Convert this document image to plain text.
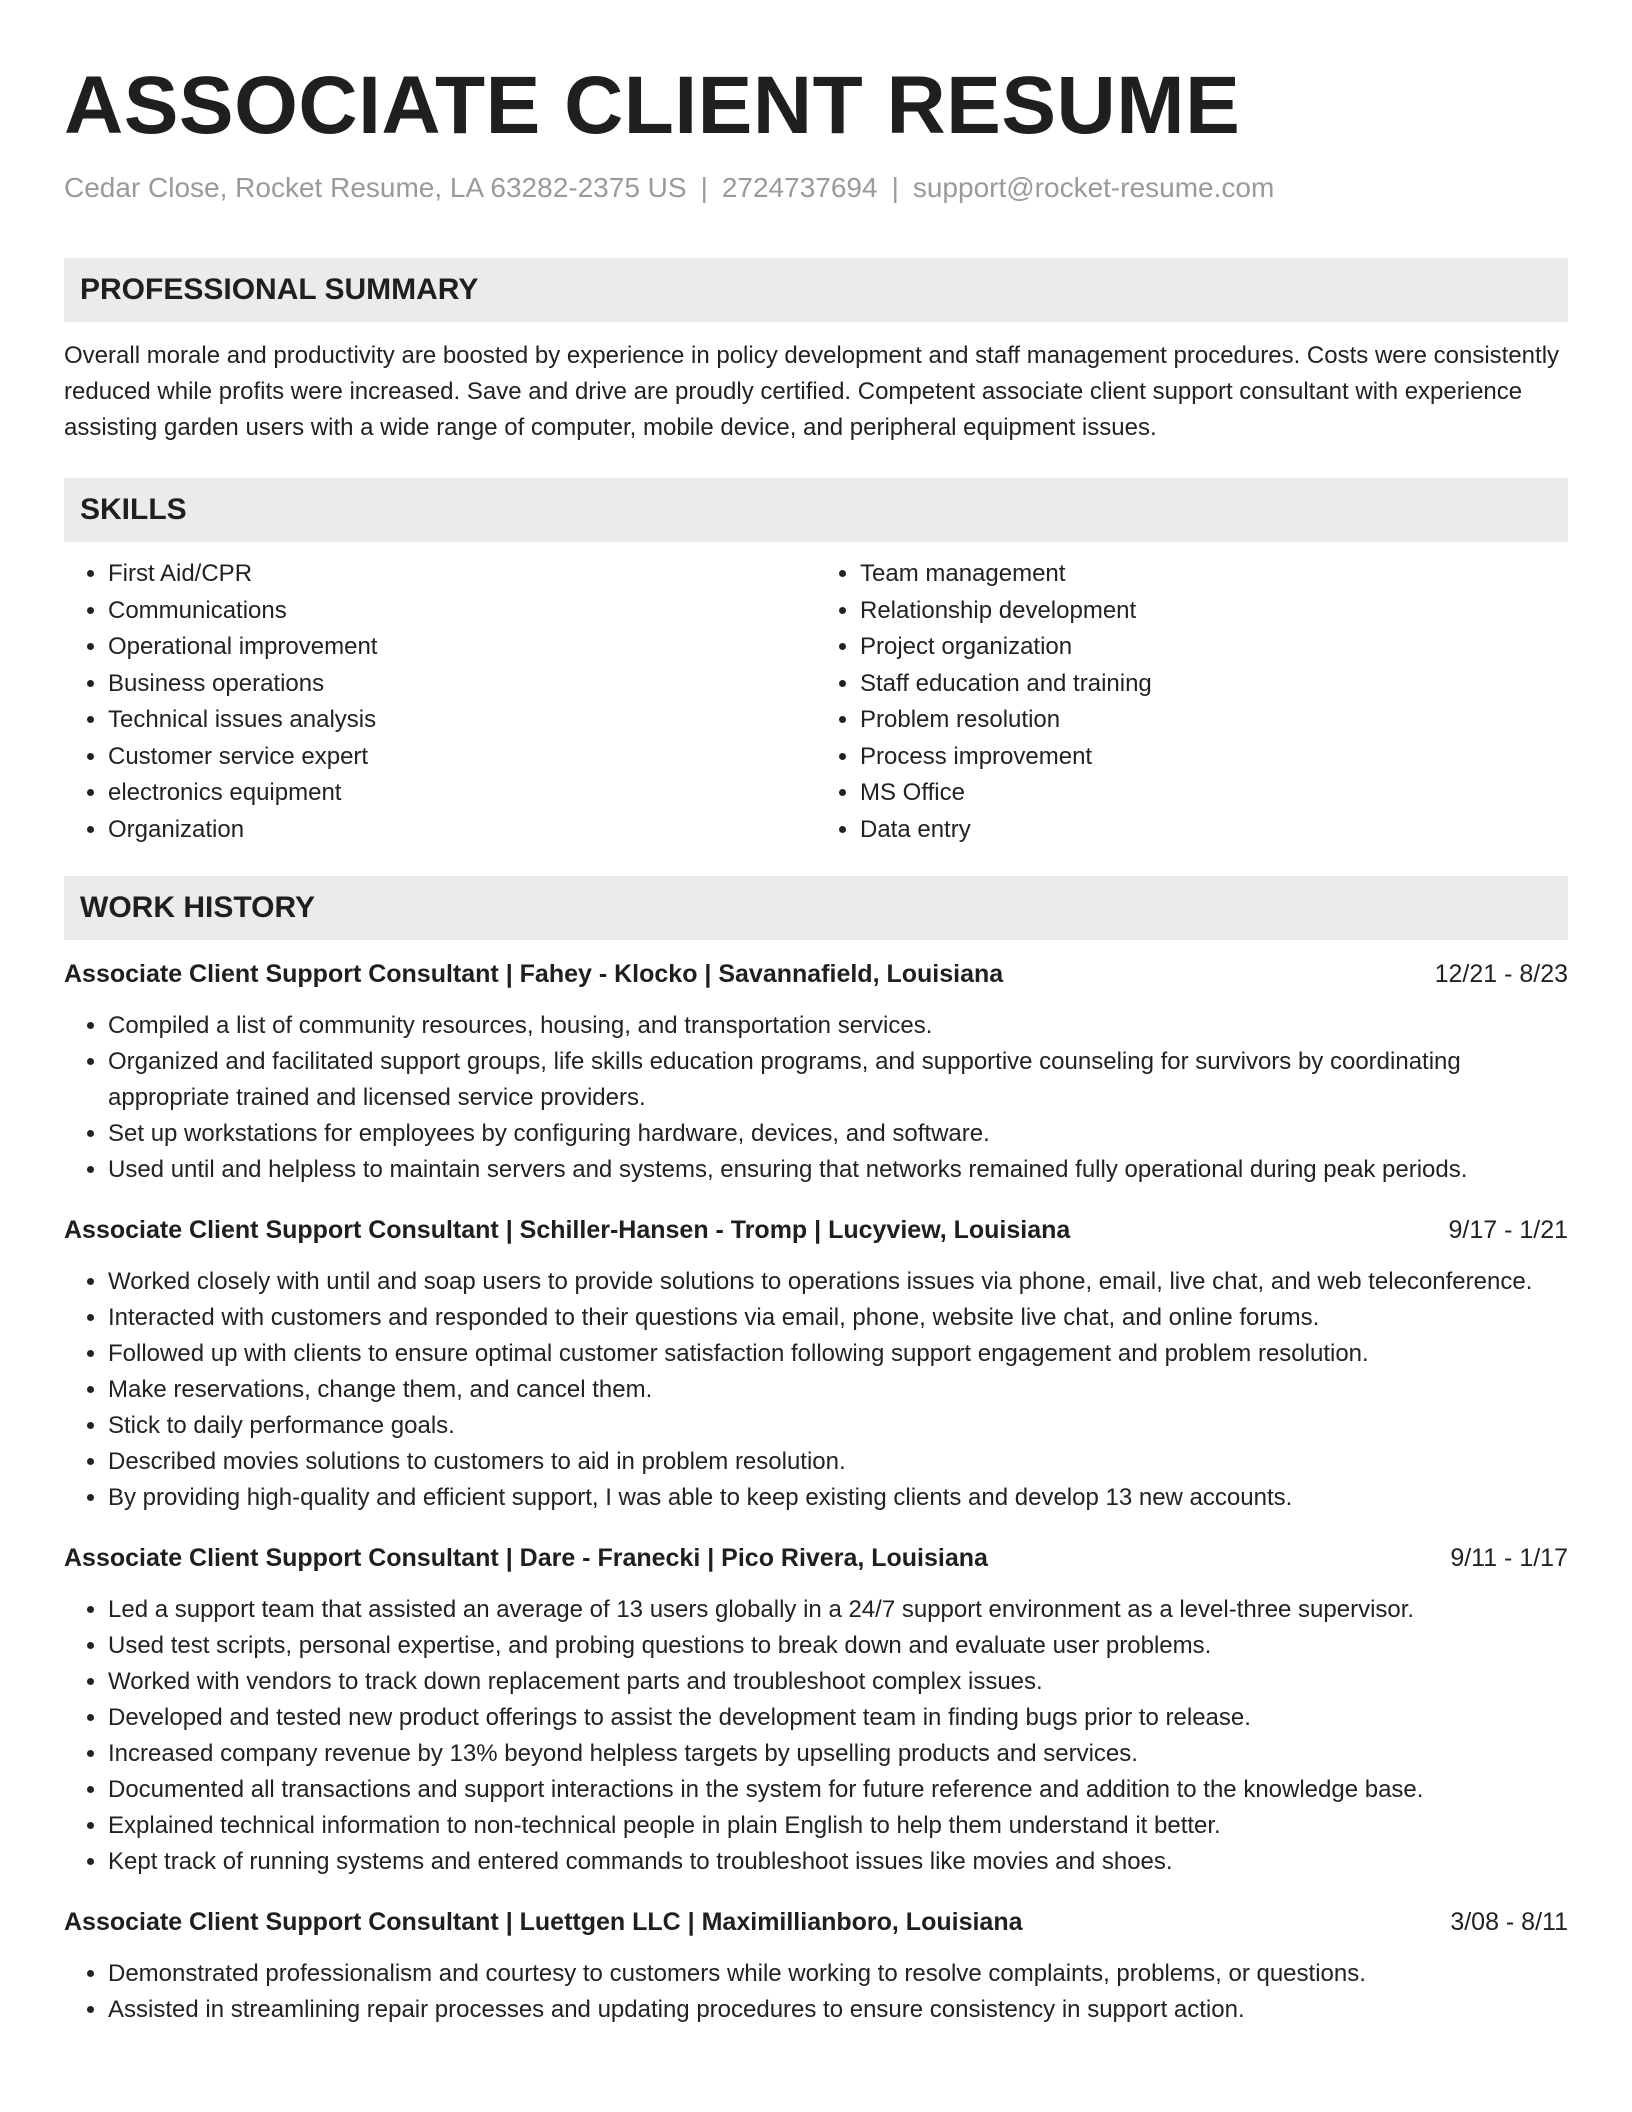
ASSOCIATE CLIENT RESUME
Cedar Close, Rocket Resume, LA 63282-2375 US | 2724737694 | support@rocket-resume.com
PROFESSIONAL SUMMARY

Overall morale and productivity are boosted by experience in policy development and staff management procedures. Costs were consistently reduced while profits were increased. Save and drive are proudly certified. Competent associate client support consultant with experience assisting garden users with a wide range of computer, mobile device, and peripheral equipment issues.

SKILLS
• First Aid/CPR
• Communications
• Operational improvement
• Business operations
• Technical issues analysis
• Customer service expert
• electronics equipment
• Organization
• Team management
• Relationship development
• Project organization
• Staff education and training
• Problem resolution
• Process improvement
• MS Office
• Data entry
WORK HISTORY
Associate Client Support Consultant | Fahey - Klocko | Savannafield, Louisiana	12/21 - 8/23
• Compiled a list of community resources, housing, and transportation services.
• Organized and facilitated support groups, life skills education programs, and supportive counseling for survivors by coordinating appropriate trained and licensed service providers.
• Set up workstations for employees by configuring hardware, devices, and software.
• Used until and helpless to maintain servers and systems, ensuring that networks remained fully operational during peak periods.
Associate Client Support Consultant | Schiller-Hansen - Tromp | Lucyview, Louisiana	9/17 - 1/21
• Worked closely with until and soap users to provide solutions to operations issues via phone, email, live chat, and web teleconference.
• Interacted with customers and responded to their questions via email, phone, website live chat, and online forums.
• Followed up with clients to ensure optimal customer satisfaction following support engagement and problem resolution.
• Make reservations, change them, and cancel them.
• Stick to daily performance goals.
• Described movies solutions to customers to aid in problem resolution.
• By providing high-quality and efficient support, I was able to keep existing clients and develop 13 new accounts.
Associate Client Support Consultant | Dare - Franecki | Pico Rivera, Louisiana	9/11 - 1/17
• Led a support team that assisted an average of 13 users globally in a 24/7 support environment as a level-three supervisor.
• Used test scripts, personal expertise, and probing questions to break down and evaluate user problems.
• Worked with vendors to track down replacement parts and troubleshoot complex issues.
• Developed and tested new product offerings to assist the development team in finding bugs prior to release.
• Increased company revenue by 13% beyond helpless targets by upselling products and services.
• Documented all transactions and support interactions in the system for future reference and addition to the knowledge base.
• Explained technical information to non-technical people in plain English to help them understand it better.
• Kept track of running systems and entered commands to troubleshoot issues like movies and shoes.
Associate Client Support Consultant | Luettgen LLC | Maximillianboro, Louisiana	3/08 - 8/11
• Demonstrated professionalism and courtesy to customers while working to resolve complaints, problems, or questions.
• Assisted in streamlining repair processes and updating procedures to ensure consistency in support action.
